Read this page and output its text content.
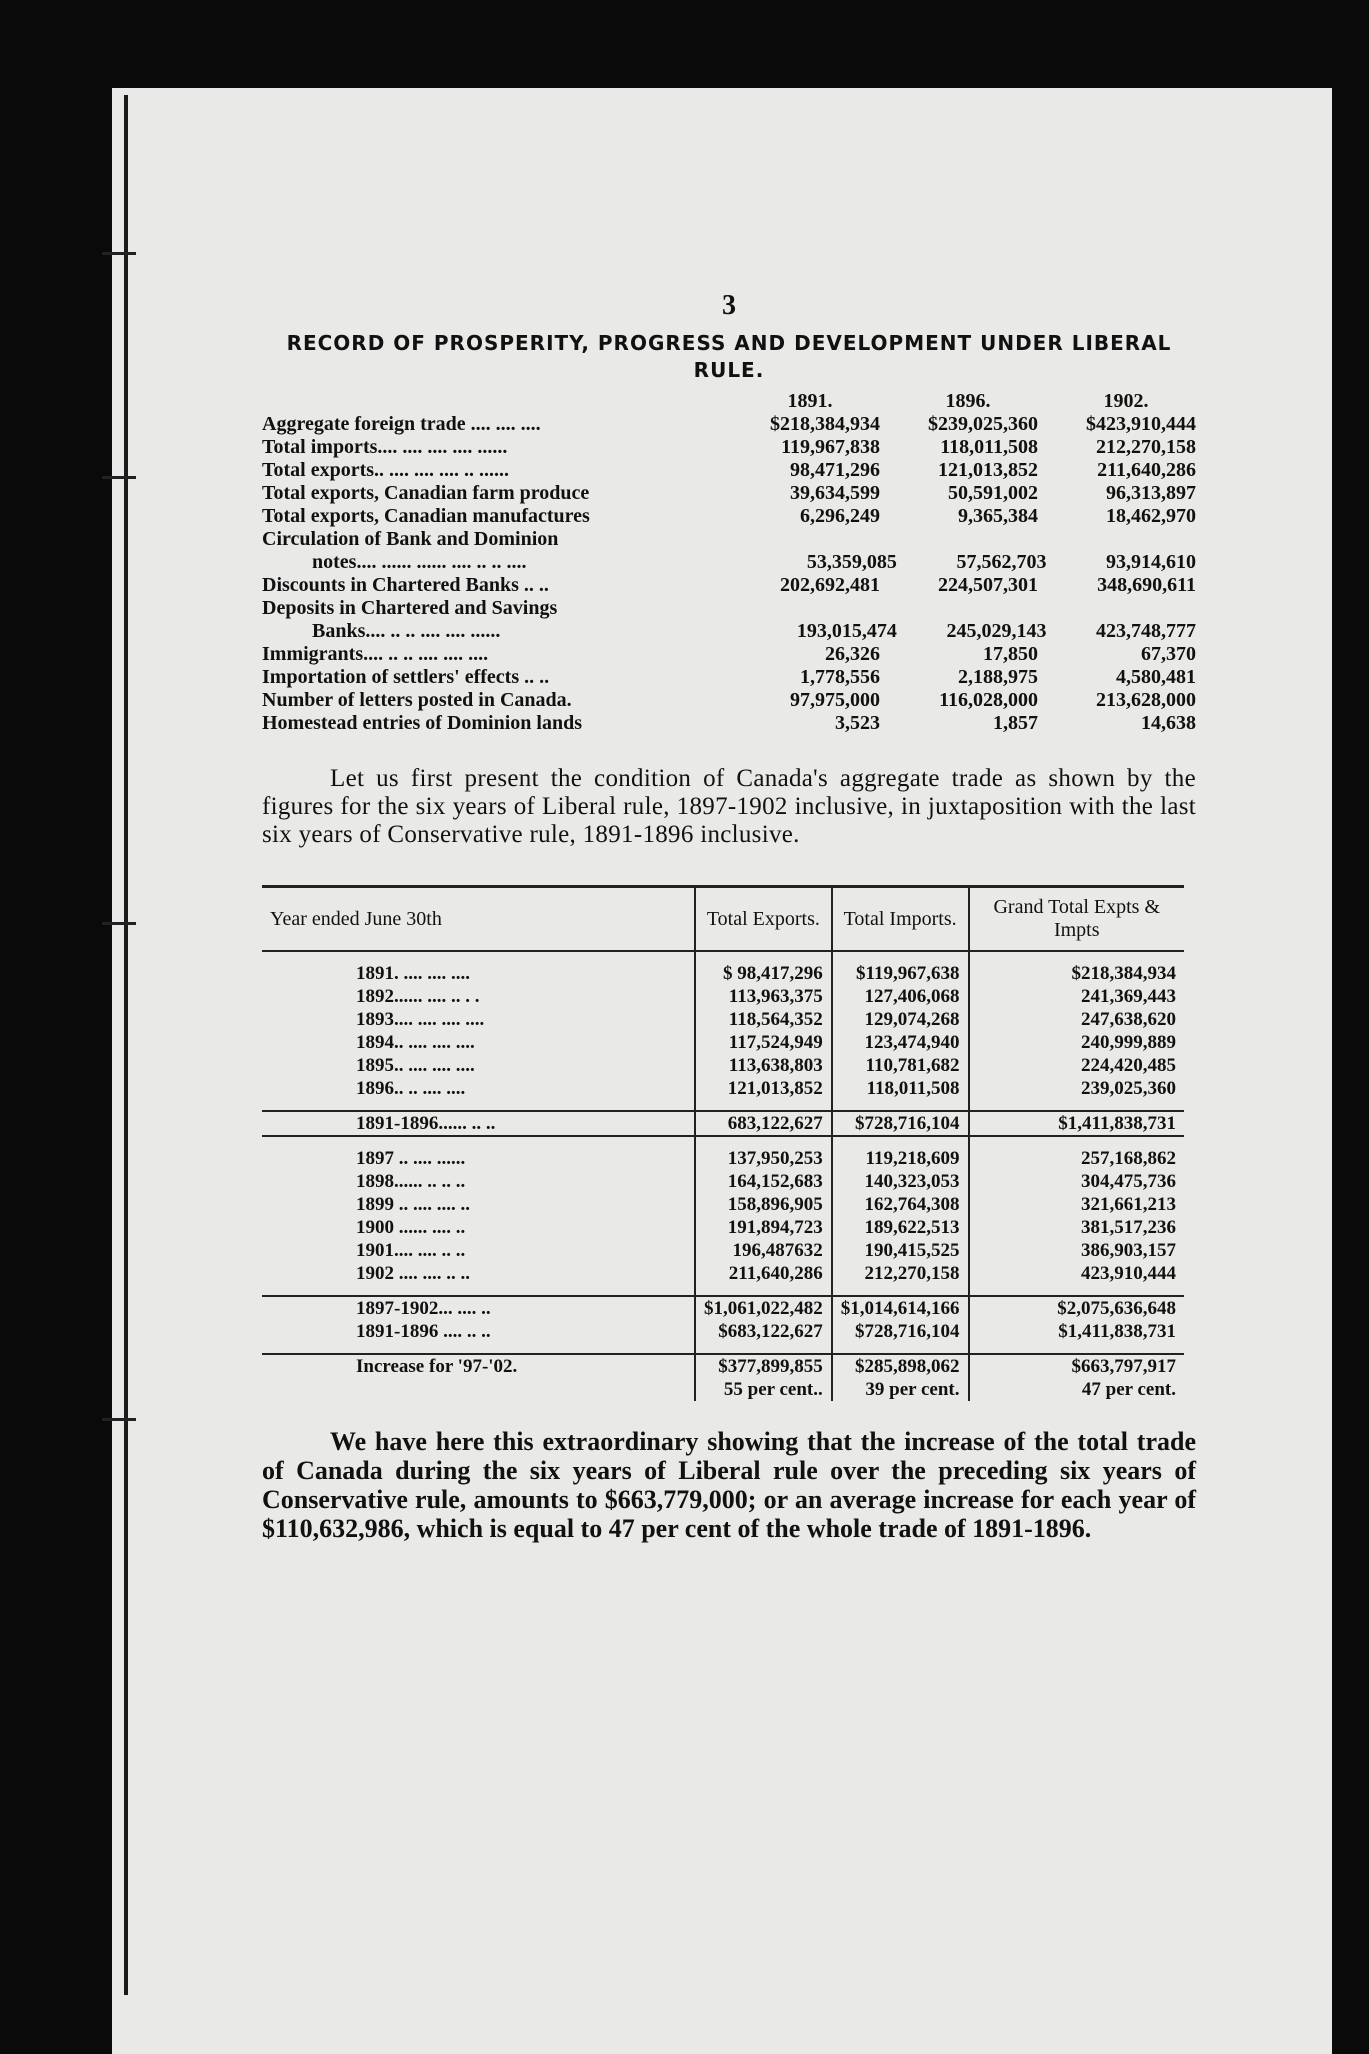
3
RECORD OF PROSPERITY, PROGRESS AND DEVELOPMENT UNDER LIBERAL RULE.
1891.	1896.	1902.
Aggregate foreign trade .... .... ....	$218,384,934	$239,025,360	$423,910,444
Total imports.... .... .... .... ......	119,967,838	118,011,508	212,270,158
Total exports.. .... .... .... .. ......	98,471,296	121,013,852	211,640,286
Total exports, Canadian farm produce	39,634,599	50,591,002	96,313,897
Total exports, Canadian manufactures	6,296,249	9,365,384	18,462,970
Circulation of Bank and Dominion
notes.... ...... ...... .... .. .. ....	53,359,085	57,562,703	93,914,610
Discounts in Chartered Banks .. ..	202,692,481	224,507,301	348,690,611
Deposits in Chartered and Savings
Banks.... .. .. .... .... ......	193,015,474	245,029,143	423,748,777
Immigrants.... .. .. .... .... ....	26,326	17,850	67,370
Importation of settlers' effects .. ..	1,778,556	2,188,975	4,580,481
Number of letters posted in Canada.	97,975,000	116,028,000	213,628,000
Homestead entries of Dominion lands	3,523	1,857	14,638

Let us first present the condition of Canada's aggregate trade as shown by the figures for the six years of Liberal rule, 1897-1902 inclusive, in juxtaposition with the last six years of Conservative rule, 1891-1896 inclusive.

Year ended June 30th	Total Exports.	Total Imports.	Grand Total Expts & Impts

1891. .... .... ....	$ 98,417,296	$119,967,638	$218,384,934
1892...... .... .. . .	113,963,375	127,406,068	241,369,443
1893.... .... .... ....	118,564,352	129,074,268	247,638,620
1894.. .... .... ....	117,524,949	123,474,940	240,999,889
1895.. .... .... ....	113,638,803	110,781,682	224,420,485
1896.. .. .... ....	121,013,852	118,011,508	239,025,360

1891-1896...... .. ..	683,122,627	$728,716,104	$1,411,838,731

1897 .. .... ......	137,950,253	119,218,609	257,168,862
1898...... .. .. ..	164,152,683	140,323,053	304,475,736
1899 .. .... .... ..	158,896,905	162,764,308	321,661,213
1900 ...... .... ..	191,894,723	189,622,513	381,517,236
1901.... .... .. ..	196,487632	190,415,525	386,903,157
1902 .... .... .. ..	211,640,286	212,270,158	423,910,444

1897-1902... .... ..	$1,061,022,482	$1,014,614,166	$2,075,636,648
1891-1896 .... .. ..	$683,122,627	$728,716,104	$1,411,838,731

Increase for '97-'02.	$377,899,855	$285,898,062	$663,797,917
	55 per cent..	39 per cent.	47 per cent.

We have here this extraordinary showing that the increase of the total trade of Canada during the six years of Liberal rule over the preceding six years of Conservative rule, amounts to $663,779,000; or an average increase for each year of $110,632,986, which is equal to 47 per cent of the whole trade of 1891-1896.
